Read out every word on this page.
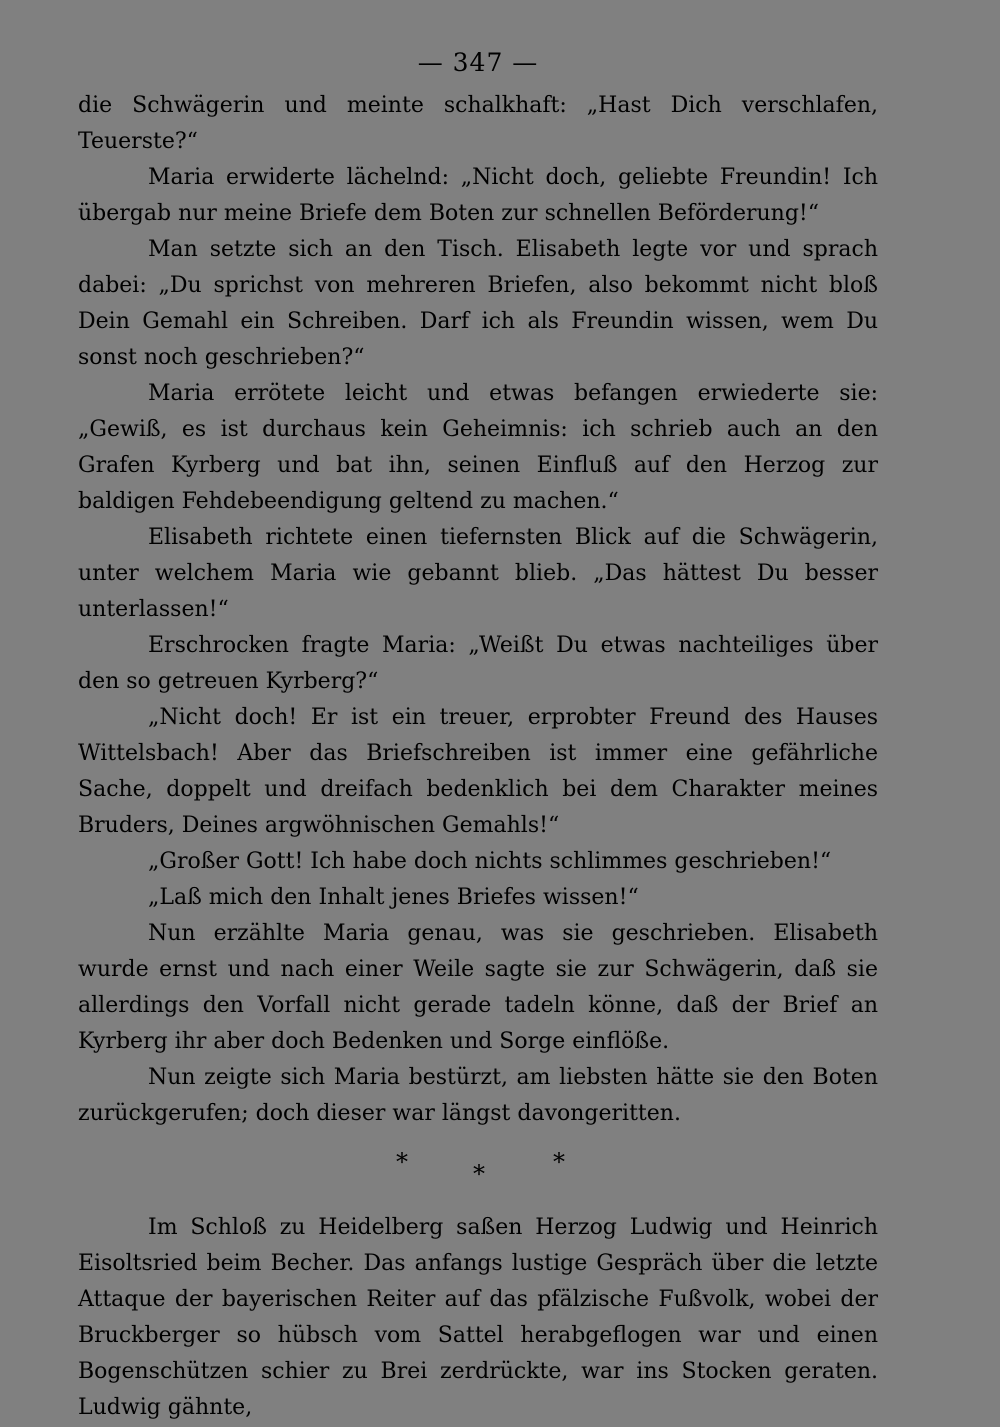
— 347 —

die Schwägerin und meinte schalkhaft: „Hast Dich verschlafen, Teuerste?“

Maria erwiderte lächelnd: „Nicht doch, geliebte Freundin! Ich übergab nur meine Briefe dem Boten zur schnellen Beförderung!“

Man setzte sich an den Tisch. Elisabeth legte vor und sprach dabei: „Du sprichst von mehreren Briefen, also bekommt nicht bloß Dein Gemahl ein Schreiben. Darf ich als Freundin wissen, wem Du sonst noch geschrieben?“

Maria errötete leicht und etwas befangen erwiederte sie: „Gewiß, es ist durchaus kein Geheimnis: ich schrieb auch an den Grafen Kyrberg und bat ihn, seinen Einfluß auf den Herzog zur baldigen Fehdebeendigung geltend zu machen.“

Elisabeth richtete einen tiefernsten Blick auf die Schwägerin, unter welchem Maria wie gebannt blieb. „Das hättest Du besser unterlassen!“

Erschrocken fragte Maria: „Weißt Du etwas nachteiliges über den so getreuen Kyrberg?“

„Nicht doch! Er ist ein treuer, erprobter Freund des Hauses Wittelsbach! Aber das Briefschreiben ist immer eine gefährliche Sache, doppelt und dreifach bedenklich bei dem Charakter meines Bruders, Deines argwöhnischen Gemahls!“

„Großer Gott! Ich habe doch nichts schlimmes geschrieben!“

„Laß mich den Inhalt jenes Briefes wissen!“

Nun erzählte Maria genau, was sie geschrieben. Elisabeth wurde ernst und nach einer Weile sagte sie zur Schwägerin, daß sie allerdings den Vorfall nicht gerade tadeln könne, daß der Brief an Kyrberg ihr aber doch Bedenken und Sorge einflöße.

Nun zeigte sich Maria bestürzt, am liebsten hätte sie den Boten zurückgerufen; doch dieser war längst davongeritten.

*	*	*

Im Schloß zu Heidelberg saßen Herzog Ludwig und Heinrich Eisoltsried beim Becher. Das anfangs lustige Gespräch über die letzte Attaque der bayerischen Reiter auf das pfälzische Fußvolk, wobei der Bruckberger so hübsch vom Sattel herabgeflogen war und einen Bogenschützen schier zu Brei zerdrückte, war ins Stocken geraten. Ludwig gähnte,
